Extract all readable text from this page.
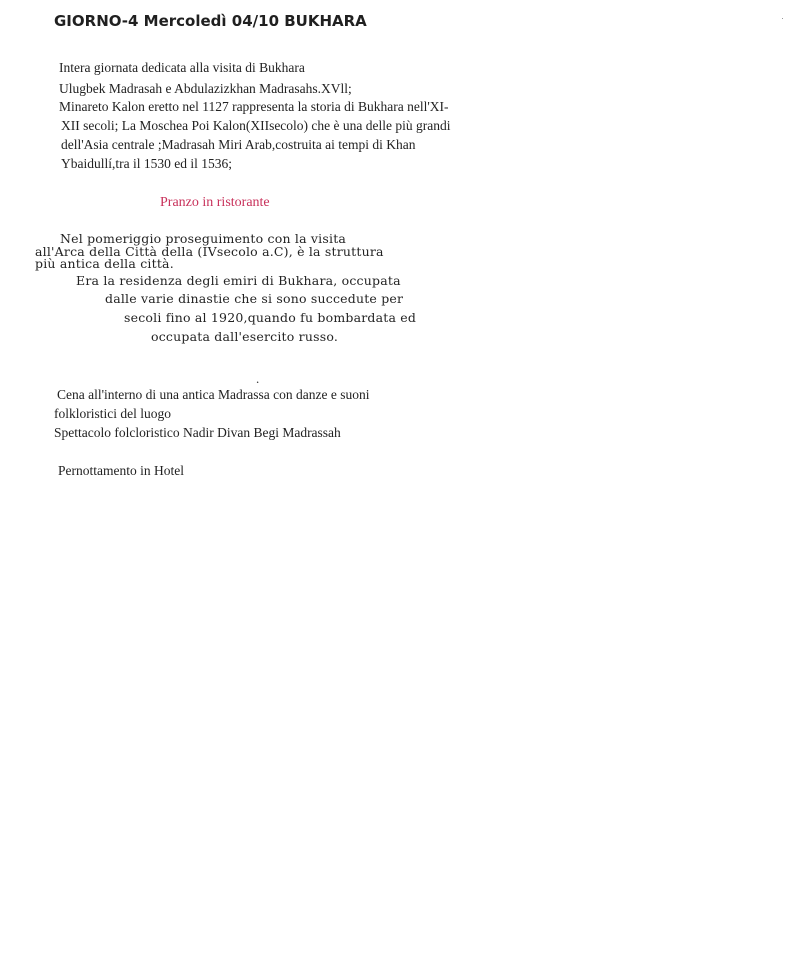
GIORNO-4 Mercoledì 04/10 BUKHARA
Intera giornata dedicata alla visita di Bukhara
Ulugbek Madrasah e Abdulazizkhan Madrasahs.XVll;
Minareto Kalon eretto nel 1127 rappresenta la storia di Bukhara nell'XI-
XII secoli; La Moschea Poi Kalon(XIIsecolo) che è una delle più grandi
dell'Asia centrale ;Madrasah Miri Arab,costruita ai tempi di Khan
Ybaidullí,tra il 1530 ed il 1536;
Pranzo in ristorante
Nel pomeriggio proseguimento con la visita
all'Arca della Città della (IVsecolo a.C), è la struttura
più antica della città.
Era la residenza degli emiri di Bukhara, occupata
dalle varie dinastie che si sono succedute per
secoli fino al 1920,quando fu bombardata ed
occupata dall'esercito russo.
.
Cena all'interno di una antica Madrassa con danze e suoni
folkloristici del luogo
Spettacolo folcloristico Nadir Divan Begi Madrassah
Pernottamento in Hotel
